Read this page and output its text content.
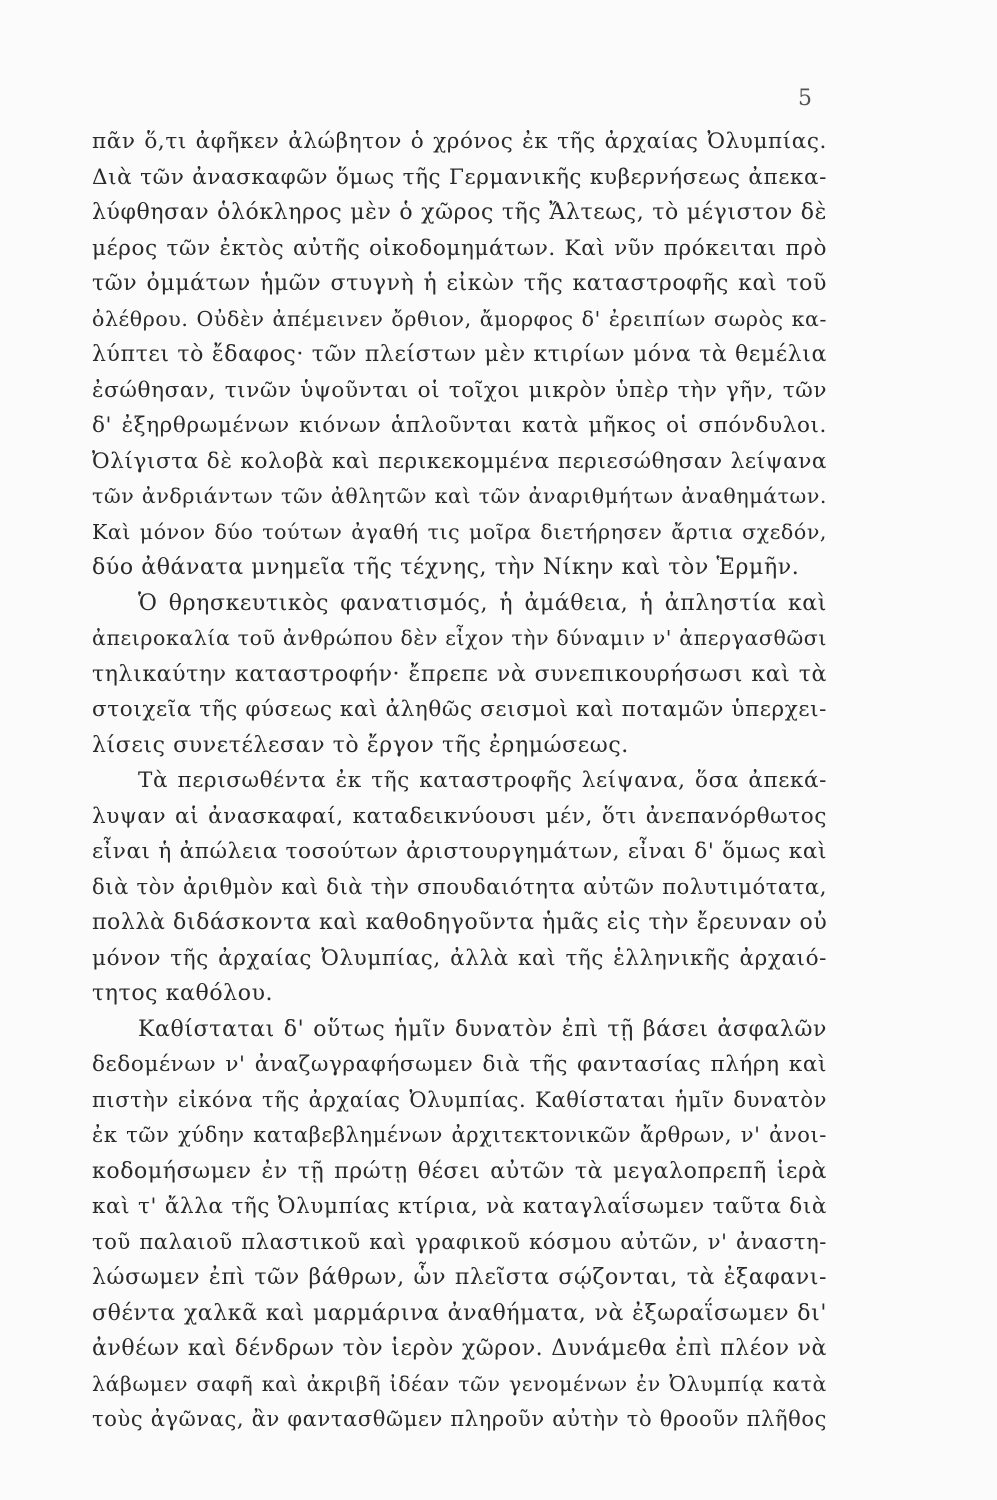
5
πᾶν ὅ,τι ἀφῆκεν ἀλώβητον ὁ χρόνος ἐκ τῆς ἀρχαίας Ὀλυμπίας.
Διὰ τῶν ἀνασκαφῶν ὅμως τῆς Γερμανικῆς κυβερνήσεως ἀπεκα-
λύφθησαν ὁλόκληρος μὲν ὁ χῶρος τῆς Ἄλτεως, τὸ μέγιστον δὲ
μέρος τῶν ἐκτὸς αὐτῆς οἰκοδομημάτων. Καὶ νῦν πρόκειται πρὸ
τῶν ὀμμάτων ἡμῶν στυγνὴ ἡ εἰκὼν τῆς καταστροφῆς καὶ τοῦ
ὀλέθρου. Οὐδὲν ἀπέμεινεν ὄρθιον, ἄμορφος δ' ἐρειπίων σωρὸς κα-
λύπτει τὸ ἔδαφος· τῶν πλείστων μὲν κτιρίων μόνα τὰ θεμέλια
ἐσώθησαν, τινῶν ὑψοῦνται οἱ τοῖχοι μικρὸν ὑπὲρ τὴν γῆν, τῶν
δ' ἐξηρθρωμένων κιόνων ἁπλοῦνται κατὰ μῆκος οἱ σπόνδυλοι.
Ὀλίγιστα δὲ κολοβὰ καὶ περικεκομμένα περιεσώθησαν λείψανα
τῶν ἀνδριάντων τῶν ἀθλητῶν καὶ τῶν ἀναριθμήτων ἀναθημάτων.
Καὶ μόνον δύο τούτων ἀγαθή τις μοῖρα διετήρησεν ἄρτια σχεδόν,
δύο ἀθάνατα μνημεῖα τῆς τέχνης, τὴν Νίκην καὶ τὸν Ἑρμῆν.
Ὁ θρησκευτικὸς φανατισμός, ἡ ἀμάθεια, ἡ ἀπληστία καὶ
ἀπειροκαλία τοῦ ἀνθρώπου δὲν εἶχον τὴν δύναμιν ν' ἀπεργασθῶσι
τηλικαύτην καταστροφήν· ἔπρεπε νὰ συνεπικουρήσωσι καὶ τὰ
στοιχεῖα τῆς φύσεως καὶ ἀληθῶς σεισμοὶ καὶ ποταμῶν ὑπερχει-
λίσεις συνετέλεσαν τὸ ἔργον τῆς ἐρημώσεως.
Τὰ περισωθέντα ἐκ τῆς καταστροφῆς λείψανα, ὅσα ἀπεκά-
λυψαν αἱ ἀνασκαφαί, καταδεικνύουσι μέν, ὅτι ἀνεπανόρθωτος
εἶναι ἡ ἀπώλεια τοσούτων ἀριστουργημάτων, εἶναι δ' ὅμως καὶ
διὰ τὸν ἀριθμὸν καὶ διὰ τὴν σπουδαιότητα αὐτῶν πολυτιμότατα,
πολλὰ διδάσκοντα καὶ καθοδηγοῦντα ἡμᾶς εἰς τὴν ἔρευναν οὐ
μόνον τῆς ἀρχαίας Ὀλυμπίας, ἀλλὰ καὶ τῆς ἑλληνικῆς ἀρχαιό-
τητος καθόλου.
Καθίσταται δ' οὕτως ἡμῖν δυνατὸν ἐπὶ τῇ βάσει ἀσφαλῶν
δεδομένων ν' ἀναζωγραφήσωμεν διὰ τῆς φαντασίας πλήρη καὶ
πιστὴν εἰκόνα τῆς ἀρχαίας Ὀλυμπίας. Καθίσταται ἡμῖν δυνατὸν
ἐκ τῶν χύδην καταβεβλημένων ἀρχιτεκτονικῶν ἄρθρων, ν' ἀνοι-
κοδομήσωμεν ἐν τῇ πρώτῃ θέσει αὐτῶν τὰ μεγαλοπρεπῆ ἱερὰ
καὶ τ' ἄλλα τῆς Ὀλυμπίας κτίρια, νὰ καταγλαΐσωμεν ταῦτα διὰ
τοῦ παλαιοῦ πλαστικοῦ καὶ γραφικοῦ κόσμου αὐτῶν, ν' ἀναστη-
λώσωμεν ἐπὶ τῶν βάθρων, ὧν πλεῖστα σῴζονται, τὰ ἐξαφανι-
σθέντα χαλκᾶ καὶ μαρμάρινα ἀναθήματα, νὰ ἐξωραΐσωμεν δι'
ἀνθέων καὶ δένδρων τὸν ἱερὸν χῶρον. Δυνάμεθα ἐπὶ πλέον νὰ
λάβωμεν σαφῆ καὶ ἀκριβῆ ἰδέαν τῶν γενομένων ἐν Ὀλυμπίᾳ κατὰ
τοὺς ἀγῶνας, ἂν φαντασθῶμεν πληροῦν αὐτὴν τὸ θροοῦν πλῆθος
